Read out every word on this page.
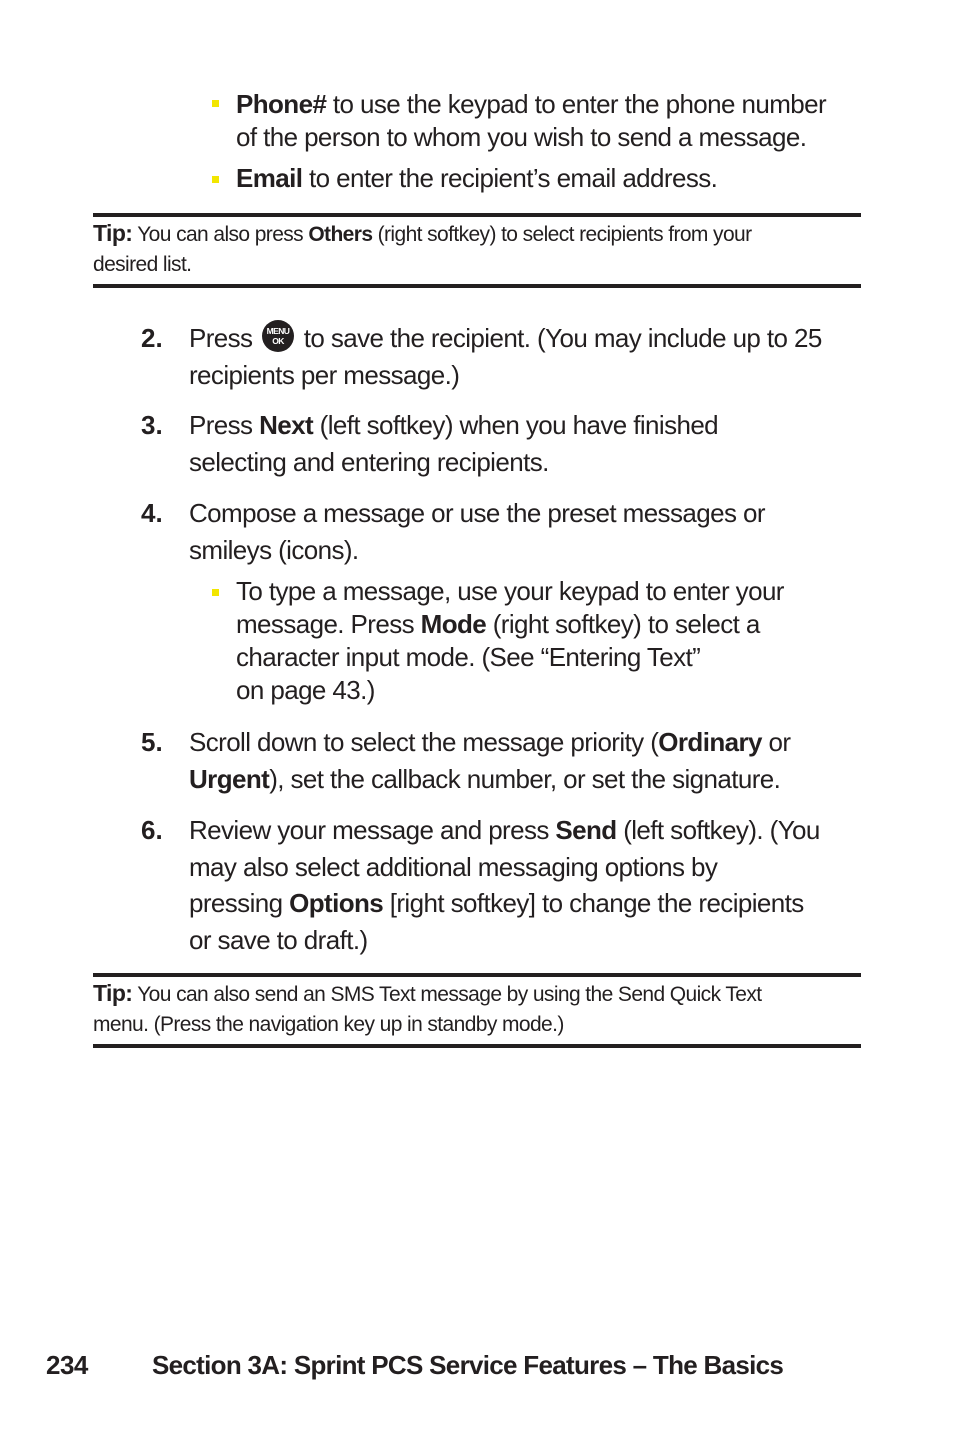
Phone# to use the keypad to enter the phone number
of the person to whom you wish to send a message.
Email to enter the recipient’s email address.
Tip: You can also press Others (right softkey) to select recipients from your
desired list.
2. Press MENU
OK to save the recipient. (You may include up to 25
recipients per message.)
3. Press Next (left softkey) when you have finished
selecting and entering recipients.
4. Compose a message or use the preset messages or
smileys (icons).
To type a message, use your keypad to enter your
message. Press Mode (right softkey) to select a
character input mode. (See “Entering Text”
on page 43.)
5. Scroll down to select the message priority (Ordinary or
Urgent), set the callback number, or set the signature.
6. Review your message and press Send (left softkey). (You
may also select additional messaging options by
pressing Options [right softkey] to change the recipients
or save to draft.)
Tip: You can also send an SMS Text message by using the Send Quick Text
menu. (Press the navigation key up in standby mode.)
234 Section 3A: Sprint PCS Service Features – The Basics
